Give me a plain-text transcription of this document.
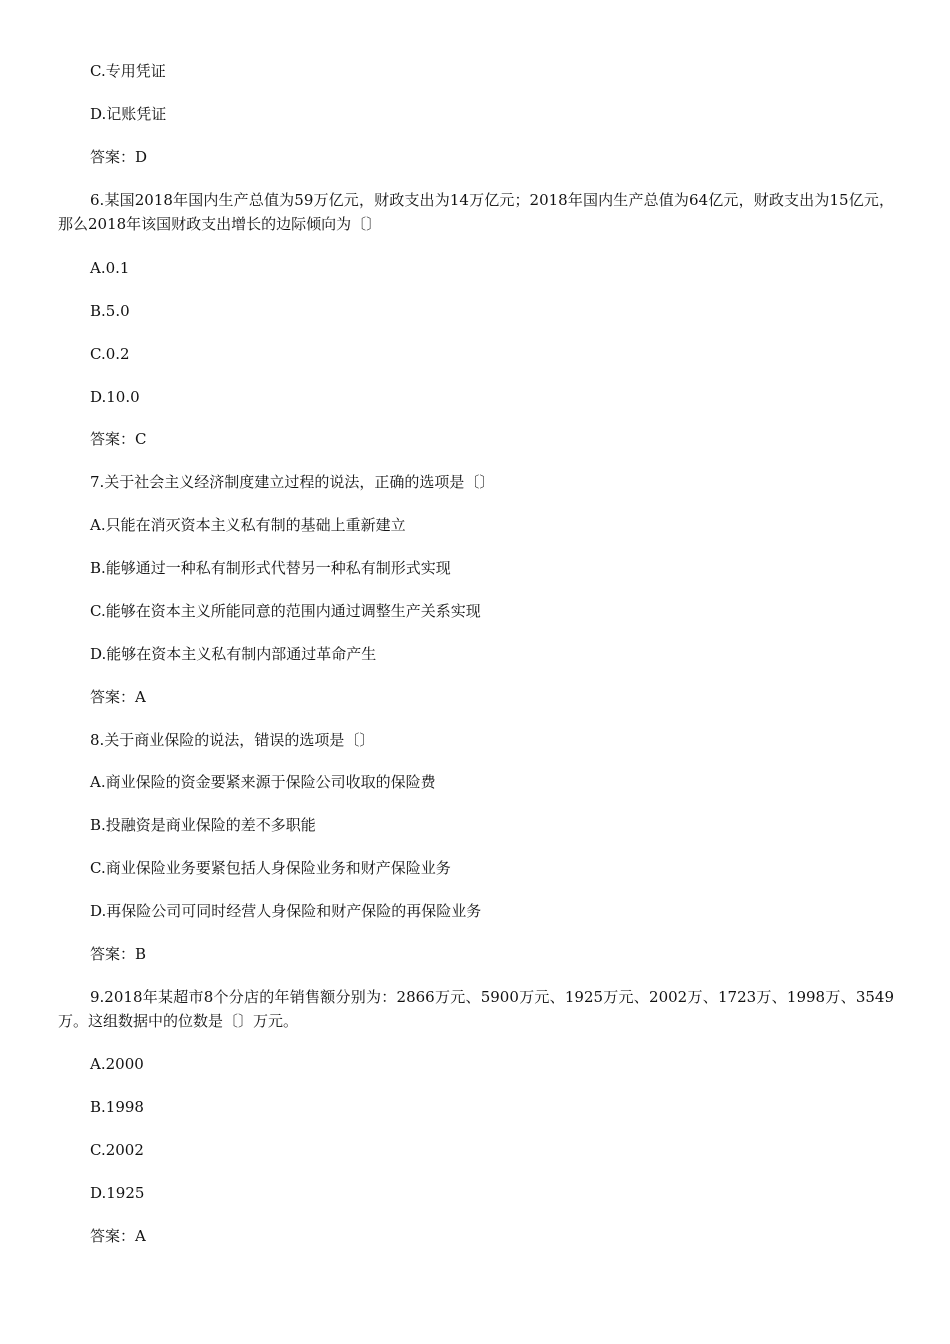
C.专用凭证
D.记账凭证
答案：D
6.某国2018年国内生产总值为59万亿元，财政支出为14万亿元；2018年国内生产总值为64亿元，财政支出为15亿元，那么2018年该国财政支出增长的边际倾向为〔〕
A.0.1
B.5.0
C.0.2
D.10.0
答案：C
7.关于社会主义经济制度建立过程的说法，正确的选项是〔〕
A.只能在消灭资本主义私有制的基础上重新建立
B.能够通过一种私有制形式代替另一种私有制形式实现
C.能够在资本主义所能同意的范围内通过调整生产关系实现
D.能够在资本主义私有制内部通过革命产生
答案：A
8.关于商业保险的说法，错误的选项是〔〕
A.商业保险的资金要紧来源于保险公司收取的保险费
B.投融资是商业保险的差不多职能
C.商业保险业务要紧包括人身保险业务和财产保险业务
D.再保险公司可同时经营人身保险和财产保险的再保险业务
答案：B
9.2018年某超市8个分店的年销售额分别为：2866万元、5900万元、1925万元、2002万、1723万、1998万、3549万。这组数据中的位数是〔〕万元。
A.2000
B.1998
C.2002
D.1925
答案：A
